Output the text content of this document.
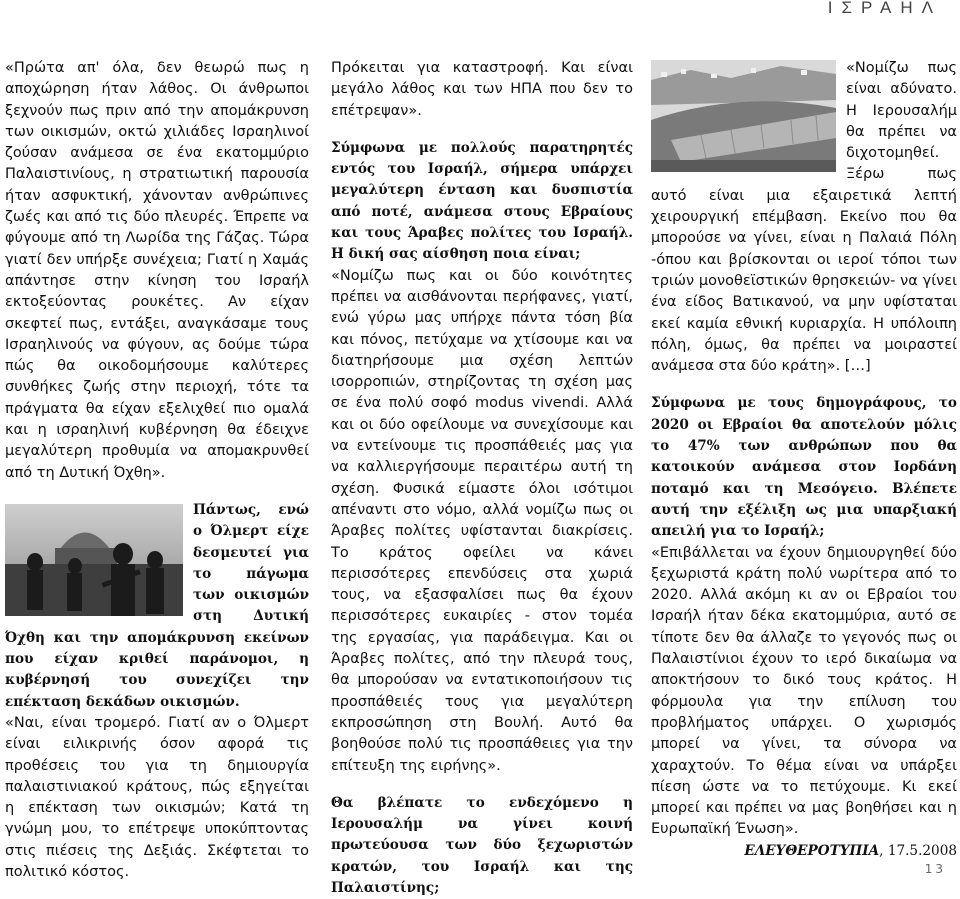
ΙΣΡΑΗΛ

«Πρώτα απ' όλα, δεν θεωρώ πως η αποχώρηση ήταν λάθος. Οι άνθρωποι ξεχνούν πως πριν από την απομάκρυνση των οικισμών, οκτώ χιλιάδες Ισραηλινοί ζούσαν ανάμεσα σε ένα εκατομμύριο Παλαιστινίους, η στρατιωτική παρουσία ήταν ασφυκτική, χάνονταν ανθρώπινες ζωές και από τις δύο πλευρές. Έπρεπε να φύγουμε από τη Λωρίδα της Γάζας. Τώρα γιατί δεν υπήρξε συνέχεια; Γιατί η Χαμάς απάντησε στην κίνηση του Ισραήλ εκτοξεύοντας ρουκέτες. Αν είχαν σκεφτεί πως, εντάξει, αναγκάσαμε τους Ισραηλινούς να φύγουν, ας δούμε τώρα πώς θα οικοδομήσουμε καλύτερες συνθήκες ζωής στην περιοχή, τότε τα πράγματα θα είχαν εξελιχθεί πιο ομαλά και η ισραηλινή κυβέρνηση θα έδειχνε μεγαλύτερη προθυμία να απομακρυνθεί από τη Δυτική Όχθη».

Πάντως, ενώ ο Όλμερτ είχε δεσμευτεί για το πάγωμα των οικισμών στη Δυτική Όχθη και την απομάκρυνση εκείνων που είχαν κριθεί παράνομοι, η κυβέρνησή του συνεχίζει την επέκταση δεκάδων οικισμών.

«Ναι, είναι τρομερό. Γιατί αν ο Όλμερτ είναι ειλικρινής όσον αφορά τις προθέσεις του για τη δημιουργία παλαιστινιακού κράτους, πώς εξηγείται η επέκταση των οικισμών; Κατά τη γνώμη μου, το επέτρεψε υποκύπτοντας στις πιέσεις της Δεξιάς. Σκέφτεται το πολιτικό κόστος.

Πρόκειται για καταστροφή. Και είναι μεγάλο λάθος και των ΗΠΑ που δεν το επέτρεψαν».

Σύμφωνα με πολλούς παρατηρητές εντός του Ισραήλ, σήμερα υπάρχει μεγαλύτερη ένταση και δυσπιστία από ποτέ, ανάμεσα στους Εβραίους και τους Άραβες πολίτες του Ισραήλ. Η δική σας αίσθηση ποια είναι;

«Νομίζω πως και οι δύο κοινότητες πρέπει να αισθάνονται περήφανες, γιατί, ενώ γύρω μας υπήρχε πάντα τόση βία και πόνος, πετύχαμε να χτίσουμε και να διατηρήσουμε μια σχέση λεπτών ισορροπιών, στηρίζοντας τη σχέση μας σε ένα πολύ σοφό modus vivendi. Αλλά και οι δύο οφείλουμε να συνεχίσουμε και να εντείνουμε τις προσπάθειές μας για να καλλιεργήσουμε περαιτέρω αυτή τη σχέση. Φυσικά είμαστε όλοι ισότιμοι απέναντι στο νόμο, αλλά νομίζω πως οι Άραβες πολίτες υφίστανται διακρίσεις. Το κράτος οφείλει να κάνει περισσότερες επενδύσεις στα χωριά τους, να εξασφαλίσει πως θα έχουν περισσότερες ευκαιρίες - στον τομέα της εργασίας, για παράδειγμα. Και οι Άραβες πολίτες, από την πλευρά τους, θα μπορούσαν να εντατικοποιήσουν τις προσπάθειές τους για μεγαλύτερη εκπροσώπηση στη Βουλή. Αυτό θα βοηθούσε πολύ τις προσπάθειες για την επίτευξη της ειρήνης».

Θα βλέπατε το ενδεχόμενο η Ιερουσαλήμ να γίνει κοινή πρωτεύουσα των δύο ξεχωριστών κρατών, του Ισραήλ και της Παλαιστίνης;

«Νομίζω πως είναι αδύνατο. Η Ιερουσαλήμ θα πρέπει να διχοτομηθεί. Ξέρω πως αυτό είναι μια εξαιρετικά λεπτή χειρουργική επέμβαση. Εκείνο που θα μπορούσε να γίνει, είναι η Παλαιά Πόλη -όπου και βρίσκονται οι ιεροί τόποι των τριών μονοθεϊστικών θρησκειών- να γίνει ένα είδος Βατικανού, να μην υφίσταται εκεί καμία εθνική κυριαρχία. Η υπόλοιπη πόλη, όμως, θα πρέπει να μοιραστεί ανάμεσα στα δύο κράτη». […]

Σύμφωνα με τους δημογράφους, το 2020 οι Εβραίοι θα αποτελούν μόλις το 47% των ανθρώπων που θα κατοικούν ανάμεσα στον Ιορδάνη ποταμό και τη Μεσόγειο. Βλέπετε αυτή την εξέλιξη ως μια υπαρξιακή απειλή για το Ισραήλ;

«Επιβάλλεται να έχουν δημιουργηθεί δύο ξεχωριστά κράτη πολύ νωρίτερα από το 2020. Αλλά ακόμη κι αν οι Εβραίοι του Ισραήλ ήταν δέκα εκατομμύρια, αυτό σε τίποτε δεν θα άλλαζε το γεγονός πως οι Παλαιστίνιοι έχουν το ιερό δικαίωμα να αποκτήσουν το δικό τους κράτος. Η φόρμουλα για την επίλυση του προβλήματος υπάρχει. Ο χωρισμός μπορεί να γίνει, τα σύνορα να χαραχτούν. Το θέμα είναι να υπάρξει πίεση ώστε να το πετύχουμε. Κι εκεί μπορεί και πρέπει να μας βοηθήσει και η Ευρωπαϊκή Ένωση».

ΕΛΕΥΘΕΡΟΤΥΠΙΑ, 17.5.2008

13
